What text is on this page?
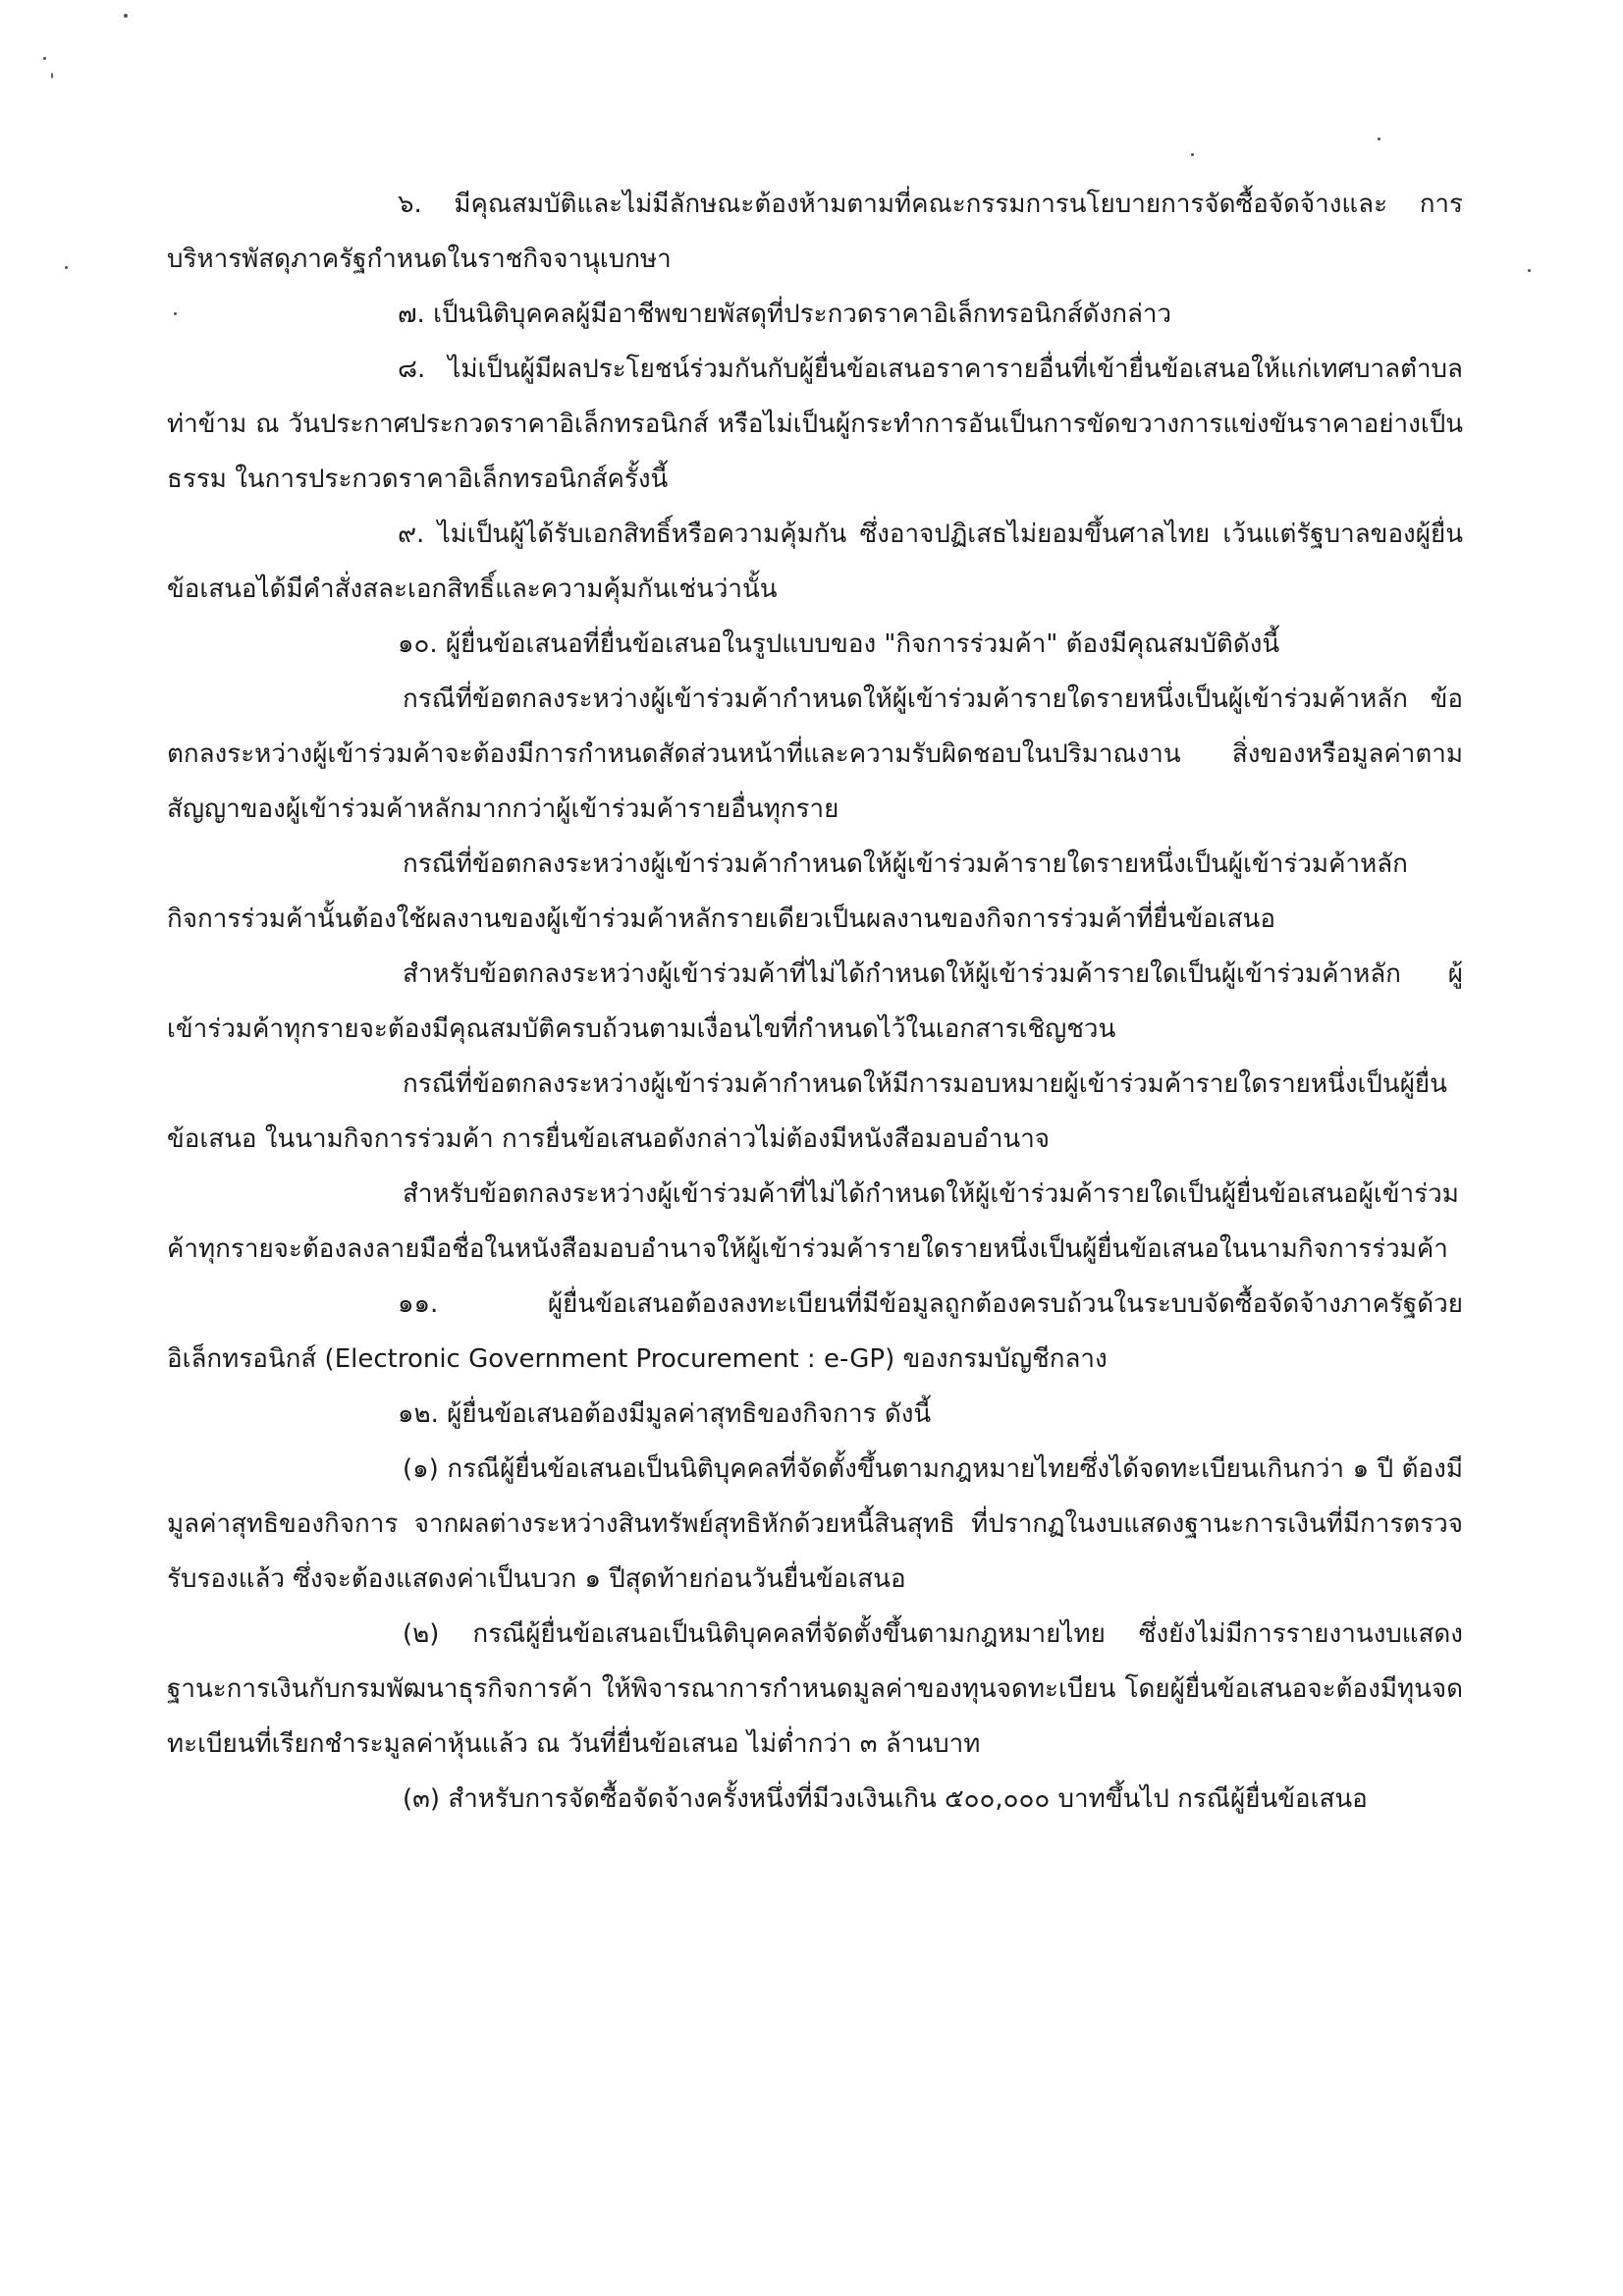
๖. มีคุณสมบัติและไม่มีลักษณะต้องห้ามตามที่คณะกรรมการนโยบายการจัดซื้อจัดจ้างและ การบริหารพัสดุภาครัฐกำหนดในราชกิจจานุเบกษา

๗. เป็นนิติบุคคลผู้มีอาชีพขายพัสดุที่ประกวดราคาอิเล็กทรอนิกส์ดังกล่าว

๘. ไม่เป็นผู้มีผลประโยชน์ร่วมกันกับผู้ยื่นข้อเสนอราคารายอื่นที่เข้ายื่นข้อเสนอให้แก่เทศบาลตำบลท่าข้าม ณ วันประกาศประกวดราคาอิเล็กทรอนิกส์ หรือไม่เป็นผู้กระทำการอันเป็นการขัดขวางการแข่งขันราคาอย่างเป็นธรรม ในการประกวดราคาอิเล็กทรอนิกส์ครั้งนี้

๙. ไม่เป็นผู้ได้รับเอกสิทธิ์หรือความคุ้มกัน ซึ่งอาจปฏิเสธไม่ยอมขึ้นศาลไทย เว้นแต่รัฐบาลของผู้ยื่นข้อเสนอได้มีคำสั่งสละเอกสิทธิ์และความคุ้มกันเช่นว่านั้น

๑๐. ผู้ยื่นข้อเสนอที่ยื่นข้อเสนอในรูปแบบของ "กิจการร่วมค้า" ต้องมีคุณสมบัติดังนี้

กรณีที่ข้อตกลงระหว่างผู้เข้าร่วมค้ากำหนดให้ผู้เข้าร่วมค้ารายใดรายหนึ่งเป็นผู้เข้าร่วมค้าหลัก ข้อตกลงระหว่างผู้เข้าร่วมค้าจะต้องมีการกำหนดสัดส่วนหน้าที่และความรับผิดชอบในปริมาณงาน สิ่งของหรือมูลค่าตามสัญญาของผู้เข้าร่วมค้าหลักมากกว่าผู้เข้าร่วมค้ารายอื่นทุกราย

กรณีที่ข้อตกลงระหว่างผู้เข้าร่วมค้ากำหนดให้ผู้เข้าร่วมค้ารายใดรายหนึ่งเป็นผู้เข้าร่วมค้าหลัก กิจการร่วมค้านั้นต้องใช้ผลงานของผู้เข้าร่วมค้าหลักรายเดียวเป็นผลงานของกิจการร่วมค้าที่ยื่นข้อเสนอ

สำหรับข้อตกลงระหว่างผู้เข้าร่วมค้าที่ไม่ได้กำหนดให้ผู้เข้าร่วมค้ารายใดเป็นผู้เข้าร่วมค้าหลัก ผู้เข้าร่วมค้าทุกรายจะต้องมีคุณสมบัติครบถ้วนตามเงื่อนไขที่กำหนดไว้ในเอกสารเชิญชวน

กรณีที่ข้อตกลงระหว่างผู้เข้าร่วมค้ากำหนดให้มีการมอบหมายผู้เข้าร่วมค้ารายใดรายหนึ่งเป็นผู้ยื่นข้อเสนอ ในนามกิจการร่วมค้า การยื่นข้อเสนอดังกล่าวไม่ต้องมีหนังสือมอบอำนาจ

สำหรับข้อตกลงระหว่างผู้เข้าร่วมค้าที่ไม่ได้กำหนดให้ผู้เข้าร่วมค้ารายใดเป็นผู้ยื่นข้อเสนอผู้เข้าร่วมค้าทุกรายจะต้องลงลายมือชื่อในหนังสือมอบอำนาจให้ผู้เข้าร่วมค้ารายใดรายหนึ่งเป็นผู้ยื่นข้อเสนอในนามกิจการร่วมค้า

๑๑. ผู้ยื่นข้อเสนอต้องลงทะเบียนที่มีข้อมูลถูกต้องครบถ้วนในระบบจัดซื้อจัดจ้างภาครัฐด้วยอิเล็กทรอนิกส์ (Electronic Government Procurement : e-GP) ของกรมบัญชีกลาง

๑๒. ผู้ยื่นข้อเสนอต้องมีมูลค่าสุทธิของกิจการ ดังนี้

(๑) กรณีผู้ยื่นข้อเสนอเป็นนิติบุคคลที่จัดตั้งขึ้นตามกฎหมายไทยซึ่งได้จดทะเบียนเกินกว่า ๑ ปี ต้องมีมูลค่าสุทธิของกิจการ จากผลต่างระหว่างสินทรัพย์สุทธิหักด้วยหนี้สินสุทธิ ที่ปรากฏในงบแสดงฐานะการเงินที่มีการตรวจรับรองแล้ว ซึ่งจะต้องแสดงค่าเป็นบวก ๑ ปีสุดท้ายก่อนวันยื่นข้อเสนอ

(๒) กรณีผู้ยื่นข้อเสนอเป็นนิติบุคคลที่จัดตั้งขึ้นตามกฎหมายไทย ซึ่งยังไม่มีการรายงานงบแสดงฐานะการเงินกับกรมพัฒนาธุรกิจการค้า ให้พิจารณาการกำหนดมูลค่าของทุนจดทะเบียน โดยผู้ยื่นข้อเสนอจะต้องมีทุนจดทะเบียนที่เรียกชำระมูลค่าหุ้นแล้ว ณ วันที่ยื่นข้อเสนอ ไม่ต่ำกว่า ๓ ล้านบาท

(๓) สำหรับการจัดซื้อจัดจ้างครั้งหนึ่งที่มีวงเงินเกิน ๕๐๐,๐๐๐ บาทขึ้นไป กรณีผู้ยื่นข้อเสนอ
